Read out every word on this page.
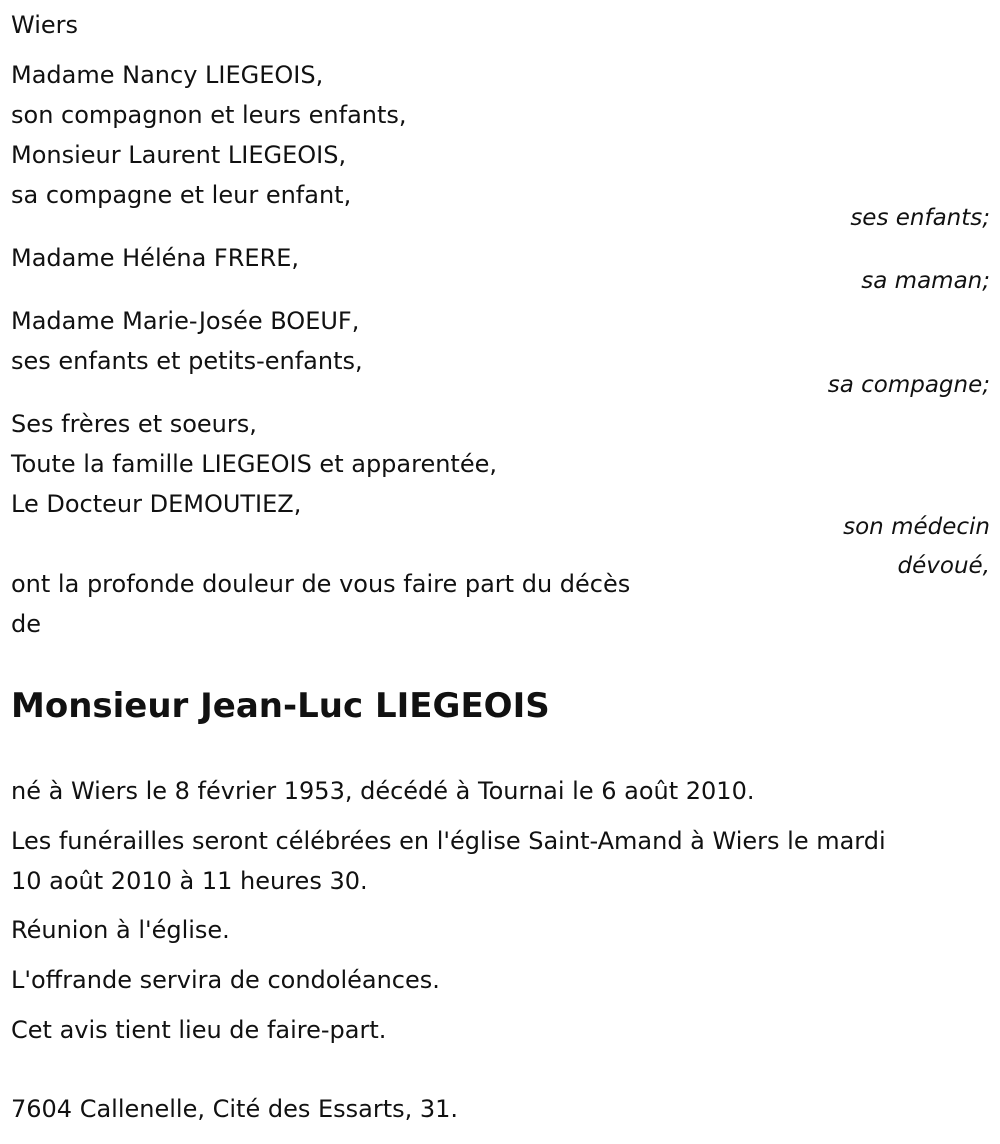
Wiers
Madame Nancy LIEGEOIS,
son compagnon et leurs enfants,
Monsieur Laurent LIEGEOIS,
sa compagne et leur enfant,
ses enfants;
Madame Héléna FRERE,
sa maman;
Madame Marie-Josée BOEUF,
ses enfants et petits-enfants,
sa compagne;
Ses frères et soeurs,
Toute la famille LIEGEOIS et apparentée,
Le Docteur DEMOUTIEZ,
son médecin
dévoué,
ont la profonde douleur de vous faire part du décès
de
Monsieur Jean-Luc LIEGEOIS
né à Wiers le 8 février 1953, décédé à Tournai le 6 août 2010.
Les funérailles seront célébrées en l'église Saint-Amand à Wiers le mardi
10 août 2010 à 11 heures 30.
Réunion à l'église.
L'offrande servira de condoléances.
Cet avis tient lieu de faire-part.
7604 Callenelle, Cité des Essarts, 31.
